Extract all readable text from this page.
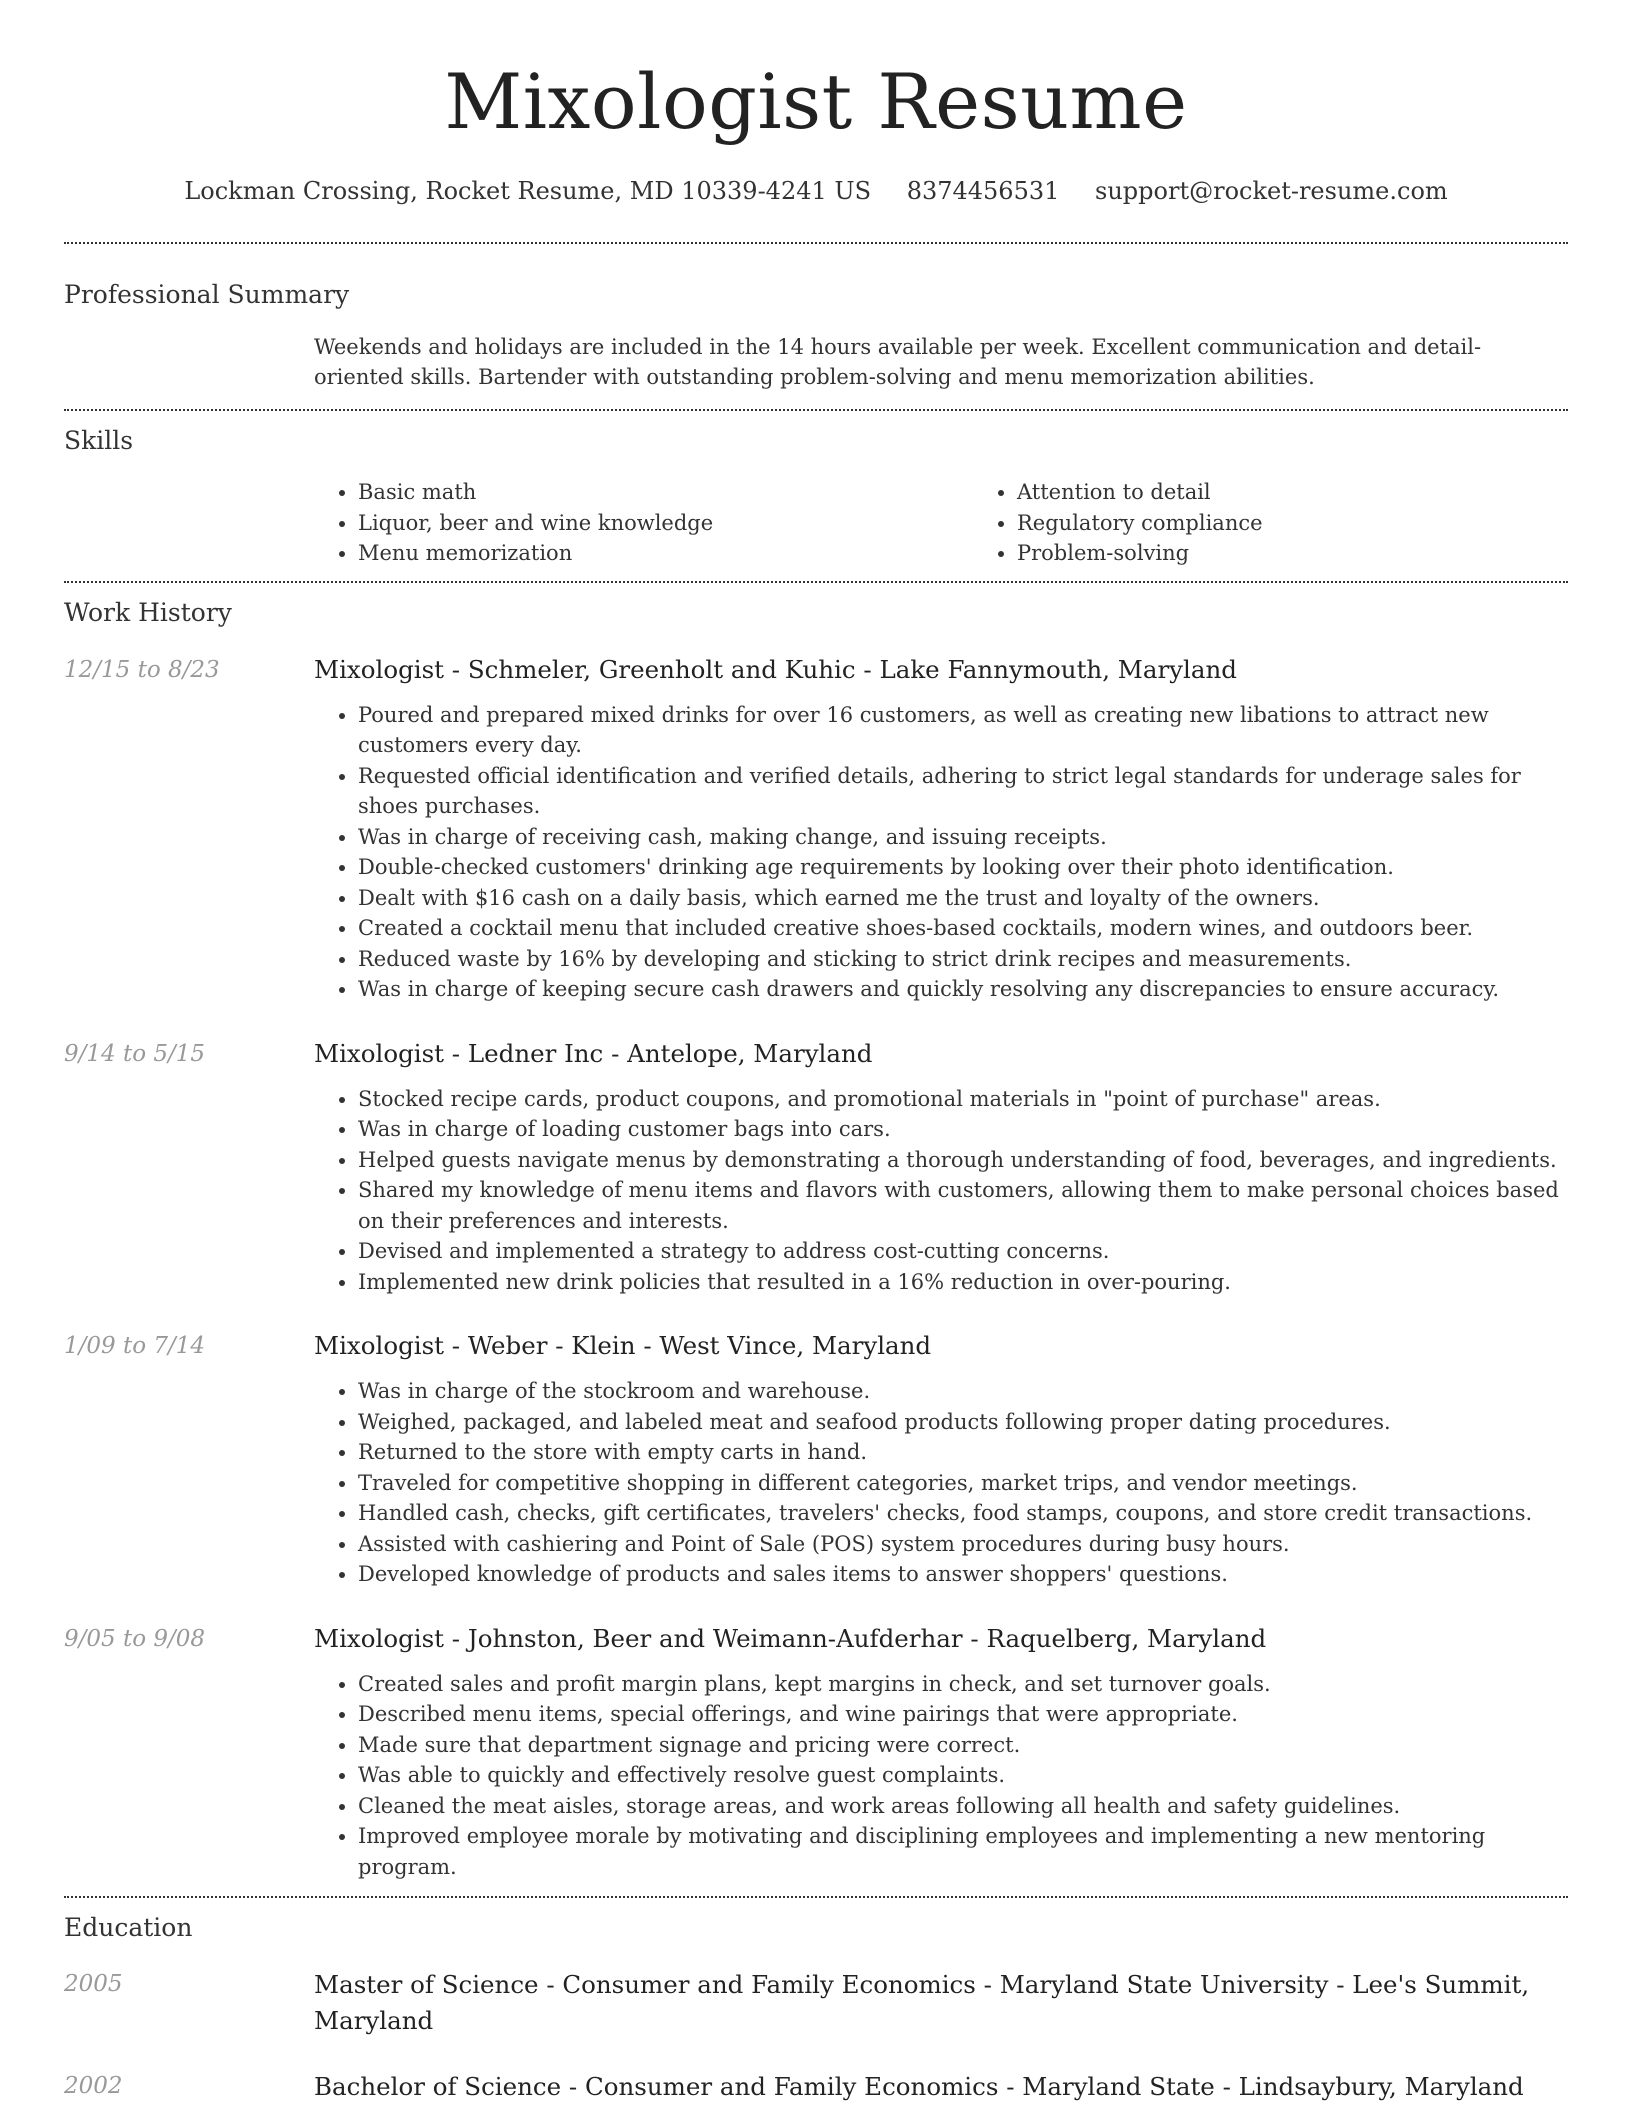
Mixologist Resume
Lockman Crossing, Rocket Resume, MD 10339-4241 US 8374456531 support@rocket-resume.com
Professional Summary

Weekends and holidays are included in the 14 hours available per week. Excellent communication and detail-oriented skills. Bartender with outstanding problem-solving and menu memorization abilities.

Skills
• Basic math
• Liquor, beer and wine knowledge
• Menu memorization
• Attention to detail
• Regulatory compliance
• Problem-solving
Work History
12/15 to 8/23	Mixologist - Schmeler, Greenholt and Kuhic - Lake Fannymouth, Maryland
• Poured and prepared mixed drinks for over 16 customers, as well as creating new libations to attract new customers every day.
• Requested official identification and verified details, adhering to strict legal standards for underage sales for shoes purchases.
• Was in charge of receiving cash, making change, and issuing receipts.
• Double-checked customers' drinking age requirements by looking over their photo identification.
• Dealt with $16 cash on a daily basis, which earned me the trust and loyalty of the owners.
• Created a cocktail menu that included creative shoes-based cocktails, modern wines, and outdoors beer.
• Reduced waste by 16% by developing and sticking to strict drink recipes and measurements.
• Was in charge of keeping secure cash drawers and quickly resolving any discrepancies to ensure accuracy.
9/14 to 5/15	Mixologist - Ledner Inc - Antelope, Maryland
• Stocked recipe cards, product coupons, and promotional materials in "point of purchase" areas.
• Was in charge of loading customer bags into cars.
• Helped guests navigate menus by demonstrating a thorough understanding of food, beverages, and ingredients.
• Shared my knowledge of menu items and flavors with customers, allowing them to make personal choices based on their preferences and interests.
• Devised and implemented a strategy to address cost-cutting concerns.
• Implemented new drink policies that resulted in a 16% reduction in over-pouring.
1/09 to 7/14	Mixologist - Weber - Klein - West Vince, Maryland
• Was in charge of the stockroom and warehouse.
• Weighed, packaged, and labeled meat and seafood products following proper dating procedures.
• Returned to the store with empty carts in hand.
• Traveled for competitive shopping in different categories, market trips, and vendor meetings.
• Handled cash, checks, gift certificates, travelers' checks, food stamps, coupons, and store credit transactions.
• Assisted with cashiering and Point of Sale (POS) system procedures during busy hours.
• Developed knowledge of products and sales items to answer shoppers' questions.
9/05 to 9/08	Mixologist - Johnston, Beer and Weimann-Aufderhar - Raquelberg, Maryland
• Created sales and profit margin plans, kept margins in check, and set turnover goals.
• Described menu items, special offerings, and wine pairings that were appropriate.
• Made sure that department signage and pricing were correct.
• Was able to quickly and effectively resolve guest complaints.
• Cleaned the meat aisles, storage areas, and work areas following all health and safety guidelines.
• Improved employee morale by motivating and disciplining employees and implementing a new mentoring program.
Education
2005	Master of Science - Consumer and Family Economics - Maryland State University - Lee's Summit, Maryland
2002	Bachelor of Science - Consumer and Family Economics - Maryland State - Lindsaybury, Maryland
